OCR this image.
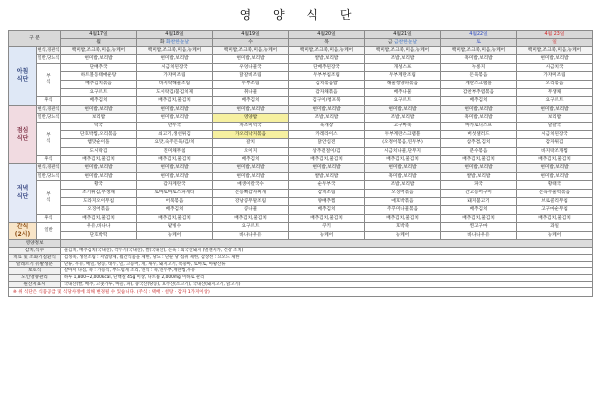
영 양 식 단
구 분		4월17일	4월18일	4월19일	4월20일	4월21일	4월22일	4월 23일
		월	화 화찬한눈날	수	목	금 금찬한눈날	토	일
아침
식단	현식,경관식	백미밥,조크죽,미음,뉴케어	백미밥,조크죽,미음,뉴케어	백미밥,조크죽,미음,뉴케어	백미밥,조크죽,미음,뉴케어	백미밥,조크죽,미음,뉴케어	백미밥,조크죽,미음,뉴케어	백미밥,조크죽,미음,뉴케어
	일반,당뇨식	현미밥,보리밥	현미밥,보리밥	현미밥,보리밥	쌀밥,보리밥	조밥,보리밥	흑미밥,보리밥	현미밥,보리밥
	부
식	단배추국	시금치된장국	우엉나물국	단배추된장국	개성스프	누룽지	시금치국
		하트볼동태매운탕	가쟈미조림	닭갈비조림	두부부침조림	두부계란조림	돈육볶음	가쟈미조림
		배추김치볶음	바지락해물조림	두부조림	김치볶음밥	해물청양파볶음	계란스크램블	오리볶음
		요구르트	도시락김/불김치제	취나물	감자채볶음	배추나물	감찬부추엽볶음	무생채
	후식	배추김치	배추김치,물김치	배추김치	김구이/청포묵	요구르트	배추김치	요구르트
점심
식단	현식,경관식	현미밥,보리밥	현미밥,보리밥	현미밥,보리밥	현미밥,보리밥	현미밥,보리밥	현미밥,보리밥	현미밥,보리밥
	일반,당뇨식	보리밥	현미밥,보리밥	영양밥	조밥,보리밥	조밥,보리밥	흑미밥,보리밥	보리밥
	부
식	떡국	만두국	차조미역국	육개장	고구마죽	마카로니스프	달걀국
		단호박찜,오리볶음	쇠고기,생선튀김	가오리낙지볶음	카레라이스	두부계란스크램블	버섯샐러드	시금치된장국
		햄맛순이돌	요맛,숙주돈육/김/치	갈치	닭안심전	(오정어볶음,연두부)	삼추겹,김치	감자튀김
		도시락김	진미채무침	오이지	상추겉절이/김	시금치나물,단무지	분수볶음	바지락조개찜
	후식	배추김치,물김치	배추김치,물김치	배추김치	배추김치,물김치	배추김치,물김치	배추김치,물김치	배추김치,물김치
저녁
식단	현식,경관식	현미밥,보리밥	현미밥,보리밥	현미밥,보리밥	현미밥,보리밥	현미밥,보리밥	현미밥,보리밥	현미밥,보리밥
	일반,당뇨식	현미밥,보리밥	현미밥,보리밥	현미밥,보리밥	쌀밥,보리밥	흑미밥,보리밥	쌀밥,보리밥	현미밥,보리밥
	부
식	황국	감자계란국	매생이칼국수	순두부국	조밥,보리밥	파국	황태국
		조기튀김,무생채	토마토마토스파게티	돈등뼈감자찌개	감치조림	오징어볶음	간고등어구이	돈육주물럭볶음
		도라지오이무침	어묵볶음	강낭콩무말조림	양배추찜	애호박볶음	돼지불고기	브로콜리무침
		오징어볶음	배추김치	콩나물	배추김치	주꾸미나물볶음	배추김치	고구마순무침
	후식	배추김치,물김치	배추김치,물김치	배추김치,물김치	배추김치,물김치	배추김치,물김치	배추김치,물김치	배추김치,물김치
간식
(2시)	일반	우유,바나나	팥빙수	요구르트	쿠키	호박죽	찐고구마	과일
		단호박떡	뉴케어	바나나우유	뉴케어	뉴케어	바나나우유	뉴케어
영양정보								
감치,식수		물김치, 배추김치(국내산), 깍두기(국내산), 쌀(국내산), 돈육 : 외국산돼지 (멜젠지카, 건강 조치)						
치료 및 소화기질환식		검정죽, 생선조림 : 저염탕제, 월간식품을 제한, 당뇨 : 단순 당 섭취 제한, 갑상선 : 요오드 제한						
알레르기 유발성분		난류, 우유, 메밀, 땅콩, 대두, 밀, 고등어, 게, 새우, 돼지고기, 복숭아, 토마토, 아황산류						
보호식		갈아서 다짐, 죽 : 가능식, 부드럽게 조리, 연식 : 죽,연두부,계란찜,우유						
노인영양관리		하루 1,800~2,000kcal, 단백질 45g 이상, 나트륨 2,000mg 이하로 관리						
원산지표시		국내산(쌀, 배추, 고춧가루, 마늘, 파), 중국산(땅콩), 호주산(소고기), 국내산(돼지고기, 닭고기)						
※ 위 식단은 식품공급 및 식당사정에 의해 변경될 수 있습니다. (주식 : 택배 · 설탕 · 감자 1가지이상)								
